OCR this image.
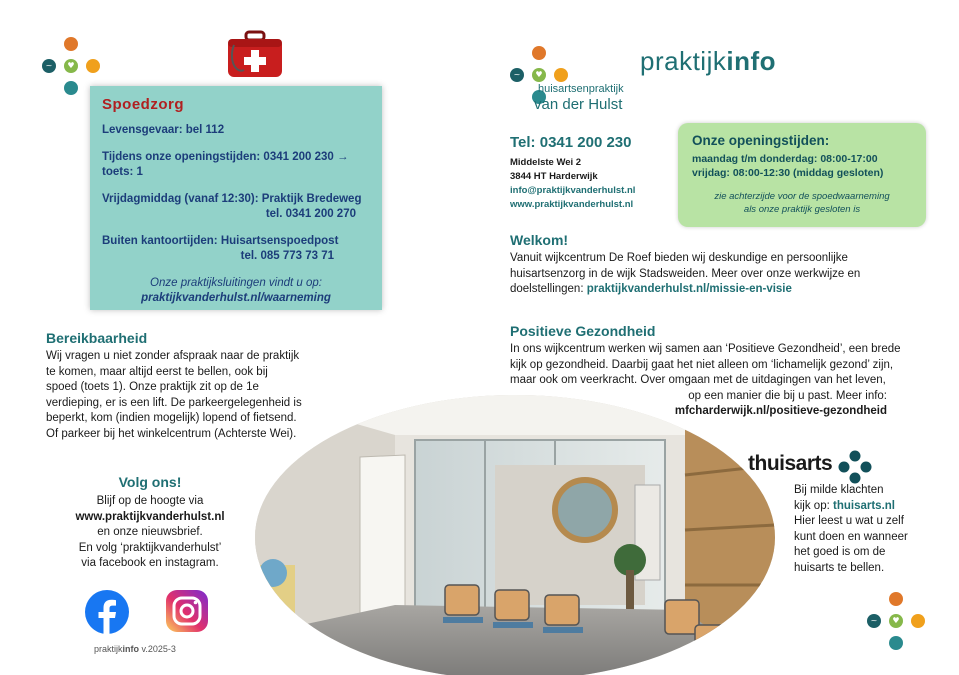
~	♥
Spoedzorg
Levensgevaar: bel 112
Tijdens onze openingstijden: 0341 200 230 → toets: 1
Vrijdagmiddag (vanaf 12:30): Praktijk Bredeweg
tel. 0341 200 270
Buiten kantoortijden: Huisartsenspoedpost
tel. 085 773 73 71
Onze praktijksluitingen vindt u op:
praktijkvanderhulst.nl/waarneming
Bereikbaarheid
Wij vragen u niet zonder afspraak naar de praktijk
te komen, maar altijd eerst te bellen, ook bij
spoed (toets 1). Onze praktijk zit op de 1e
verdieping, er is een lift. De parkeergelegenheid is
beperkt, kom (indien mogelijk) lopend of fietsend.
Of parkeer bij het winkelcentrum (Achterste Wei).
Volg ons!
Blijf op de hoogte via
www.praktijkvanderhulst.nl
en onze nieuwsbrief.
En volg ‘praktijkvanderhulst’
via facebook en instagram.
praktijkinfo v.2025-3
~	♥	praktijkinfo
huisartsenpraktijk
van der Hulst
Tel: 0341 200 230
Middelste Wei 2
3844 HT Harderwijk
info@praktijkvanderhulst.nl
www.praktijkvanderhulst.nl
Onze openingstijden:
maandag t/m donderdag: 08:00-17:00
vrijdag: 08:00-12:30 (middag gesloten)
zie achterzijde voor de spoedwaarneming
als onze praktijk gesloten is
Welkom!
Vanuit wijkcentrum De Roef bieden wij deskundige en persoonlijke
huisartsenzorg in de wijk Stadsweiden. Meer over onze werkwijze en
doelstellingen: praktijkvanderhulst.nl/missie-en-visie
Positieve Gezondheid
In ons wijkcentrum werken wij samen aan ‘Positieve Gezondheid’, een brede
kijk op gezondheid. Daarbij gaat het niet alleen om ‘lichamelijk gezond’ zijn,
maar ook om veerkracht. Over omgaan met de uitdagingen van het leven,
op een manier die bij u past. Meer info:
mfcharderwijk.nl/positieve-gezondheid
thuisarts
Bij milde klachten
kijk op: thuisarts.nl
Hier leest u wat u zelf
kunt doen en wanneer
het goed is om de
huisarts te bellen.
~	♥
